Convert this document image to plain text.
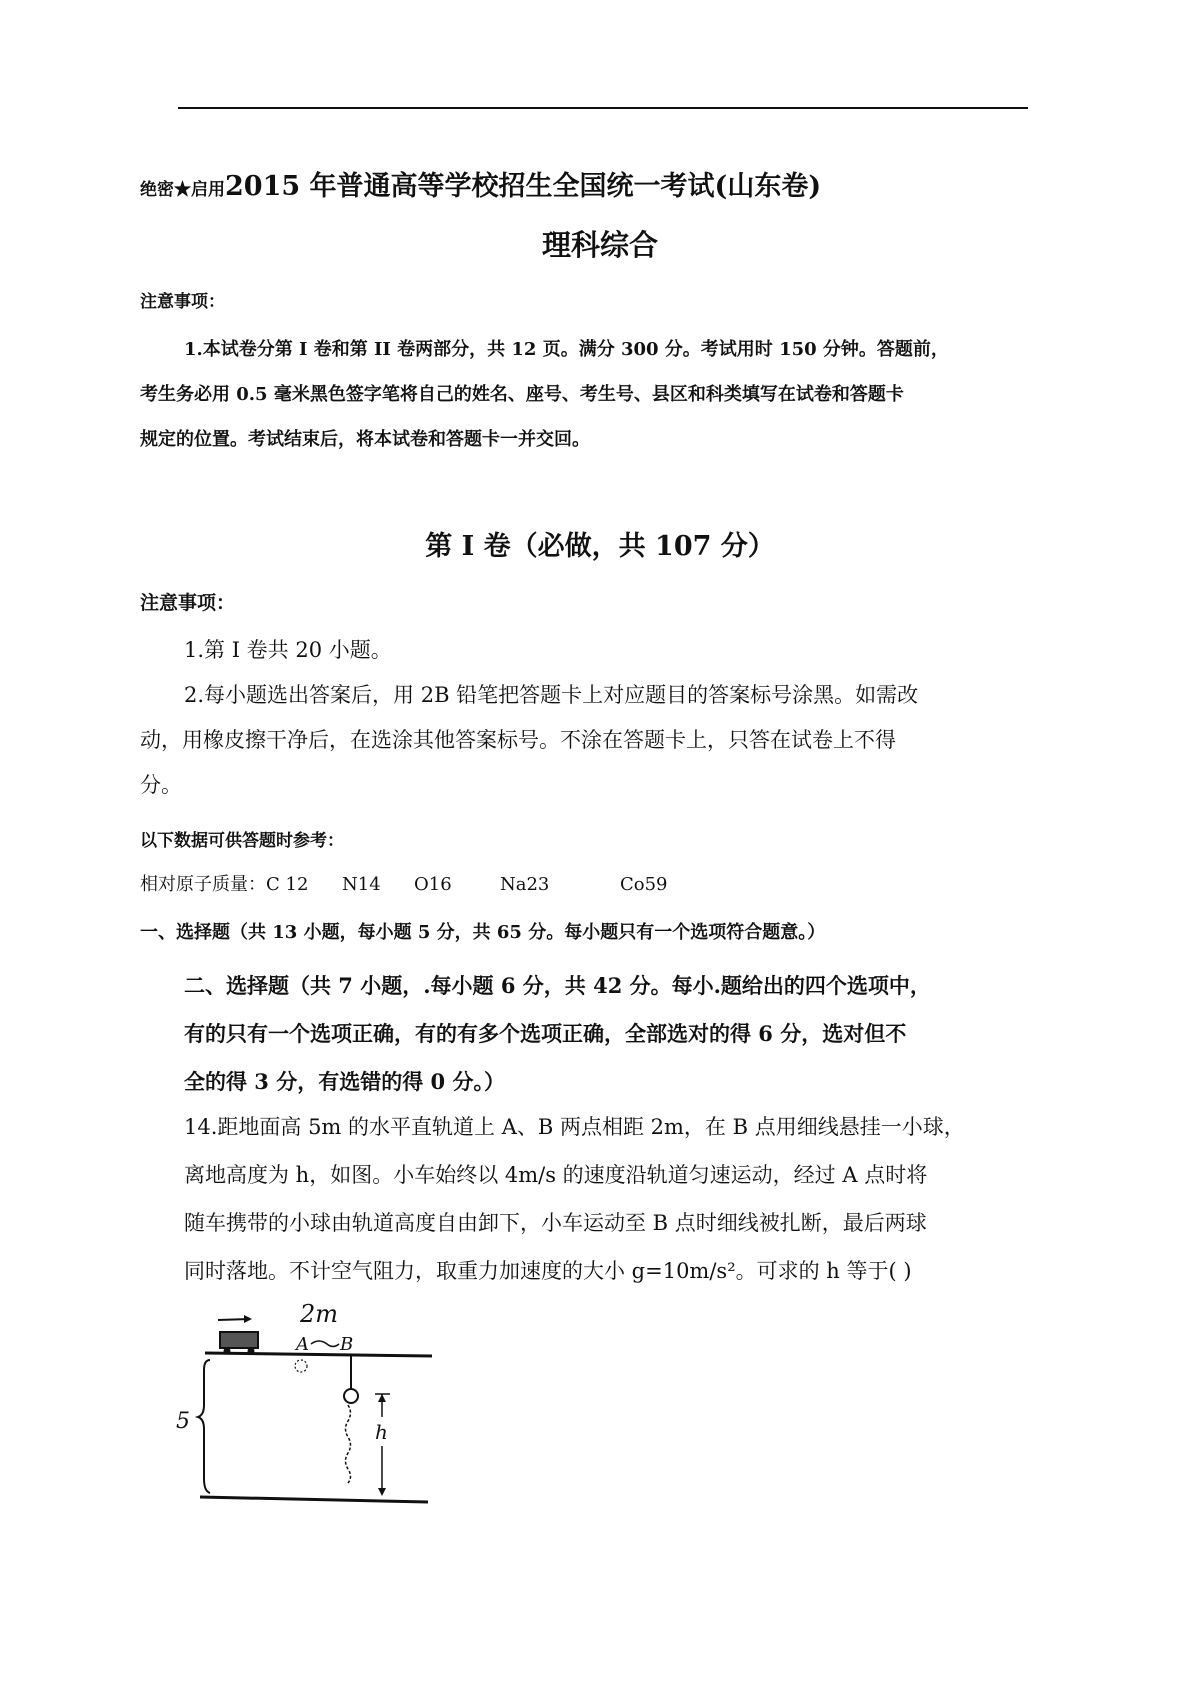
绝密★启用2015 年普通高等学校招生全国统一考试(山东卷)
理科综合
注意事项：
1.本试卷分第 I 卷和第 II 卷两部分，共 12 页。满分 300 分。考试用时 150 分钟。答题前，
考生务必用 0.5 毫米黑色签字笔将自己的姓名、座号、考生号、县区和科类填写在试卷和答题卡
规定的位置。考试结束后，将本试卷和答题卡一并交回。
第 I 卷（必做，共 107 分）
注意事项：
1.第 I 卷共 20 小题。
2.每小题选出答案后，用 2B 铅笔把答题卡上对应题目的答案标号涂黑。如需改
动，用橡皮擦干净后，在选涂其他答案标号。不涂在答题卡上，只答在试卷上不得
分。
以下数据可供答题时参考：
相对原子质量：C 12 N14 O16	Na23	Co59
一、选择题（共 13 小题，每小题 5 分，共 65 分。每小题只有一个选项符合题意。）
二、选择题（共 7 小题，.每小题 6 分，共 42 分。每小.题给出的四个选项中，
有的只有一个选项正确，有的有多个选项正确，全部选对的得 6 分，选对但不
全的得 3 分，有选错的得 0 分。）
14.距地面高 5m 的水平直轨道上 A、B 两点相距 2m，在 B 点用细线悬挂一小球，
离地高度为 h，如图。小车始终以 4m/s 的速度沿轨道匀速运动，经过 A 点时将
随车携带的小球由轨道高度自由卸下，小车运动至 B 点时细线被扎断，最后两球
同时落地。不计空气阻力，取重力加速度的大小 g=10m/s²。可求的 h 等于( )
2m
A B
h
5
